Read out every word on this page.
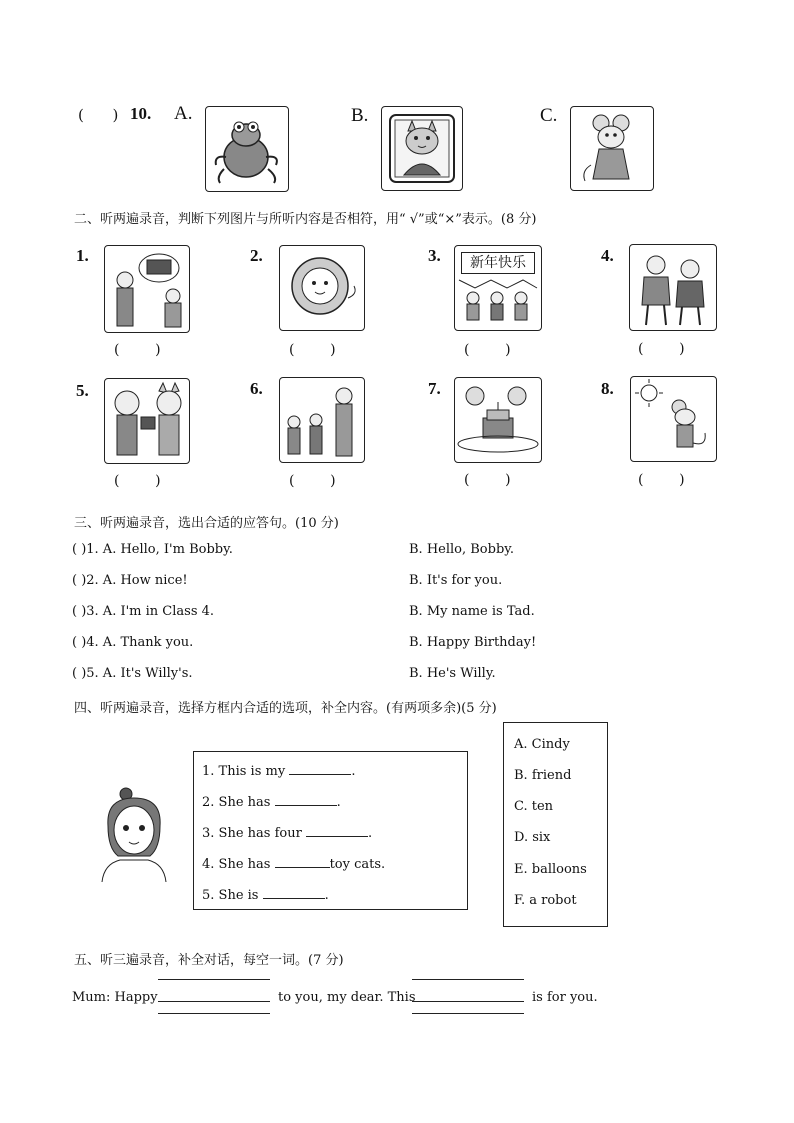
(      ) 10. A.	B.	C.
二、听两遍录音，判断下列图片与所听内容是否相符，用“ √”或“×”表示。(8 分)
1.
(        )
2.
(        )
3.	新年快乐
(        )
4.
(        )
5.
(        )
6.
(        )
7.
(        )
8.
(        )
三、听两遍录音，选出合适的应答句。(10 分)
( )1. A. Hello, I'm Bobby.	B. Hello, Bobby.
( )2. A. How nice!	B. It's for you.
( )3. A. I'm in Class 4.	B. My name is Tad.
( )4. A. Thank you.	B. Happy Birthday!
( )5. A. It's Willy's.	B. He's Willy.
四、听两遍录音，选择方框内合适的选项，补全内容。(有两项多余)(5 分)
1. This is my	.
2. She has	.
3. She has four	.
4. She has	toy cats.
5. She is	.
A. Cindy
B. friend
C. ten
D. six
E. balloons
F. a robot
五、听三遍录音，补全对话，每空一词。(7 分)
Mum: Happy	to you, my dear. This	is for you.
